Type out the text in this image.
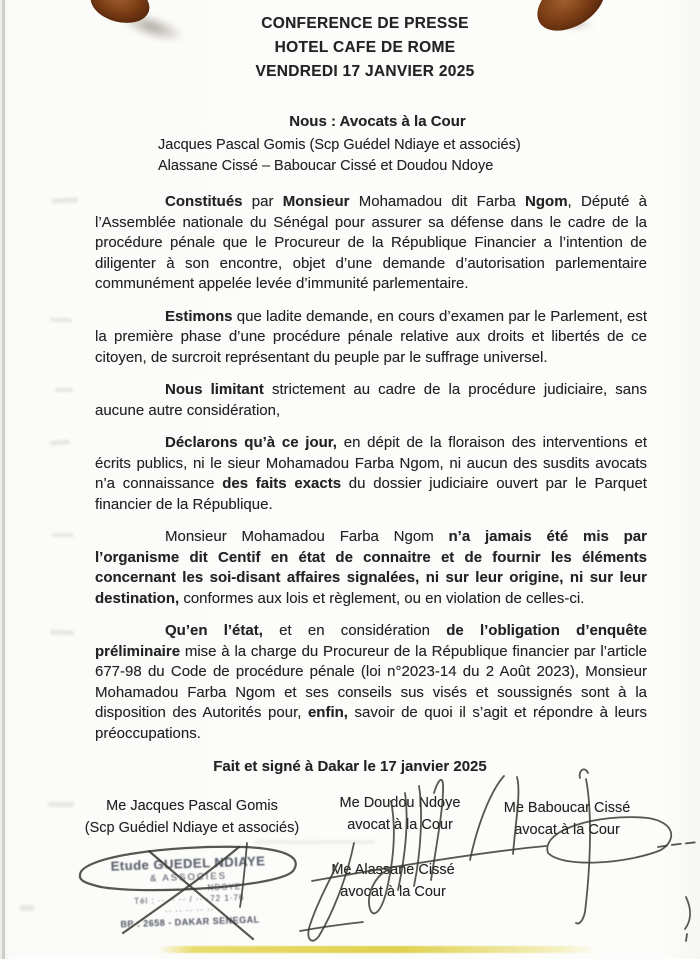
CONFERENCE DE PRESSE
HOTEL CAFE DE ROME
VENDREDI 17 JANVIER 2025
Nous : Avocats à la Cour
Jacques Pascal Gomis (Scp Guédel Ndiaye et associés)
Alassane Cissé – Baboucar Cissé et Doudou Ndoye

Constitués par Monsieur Mohamadou dit Farba Ngom, Député à l’Assemblée nationale du Sénégal pour assurer sa défense dans le cadre de la procédure pénale que le Procureur de la République Financier a l’intention de diligenter à son encontre, objet d’une demande d’autorisation parlementaire communément appelée levée d’immunité parlementaire.

Estimons que ladite demande, en cours d’examen par le Parlement, est la première phase d’une procédure pénale relative aux droits et libertés de ce citoyen, de surcroit représentant du peuple par le suffrage universel.

Nous limitant strictement au cadre de la procédure judiciaire, sans aucune autre considération,

Déclarons qu’à ce jour, en dépit de la floraison des interventions et écrits publics, ni le sieur Mohamadou Farba Ngom, ni aucun des susdits avocats n’a connaissance des faits exacts du dossier judiciaire ouvert par le Parquet financier de la République.

Monsieur Mohamadou Farba Ngom n’a jamais été mis par l’organisme dit Centif en état de connaitre et de fournir les éléments concernant les soi-disant affaires signalées, ni sur leur origine, ni sur leur destination, conformes aux lois et règlement, ou en violation de celles-ci.

Qu’en l’état, et en considération de l’obligation d’enquête préliminaire mise à la charge du Procureur de la République financier par l’article 677-98 du Code de procédure pénale (loi n°2023-14 du 2 Août 2023), Monsieur Mohamadou Farba Ngom et ses conseils sus visés et soussignés sont à la disposition des Autorités pour, enfin, savoir de quoi il s’agit et répondre à leurs préoccupations.

Fait et signé à Dakar le 17 janvier 2025
Me Jacques Pascal Gomis
(Scp Guédiel Ndiaye et associés)
Me Doudou Ndoye
avocat à la Cour
Me Baboucar Cissé
avocat à la Cour
Me Alassane Cissé
avocat à la Cour
Etude GUEDEL NDIAYE
& ASSOCIES
··· ··· ···· ·· ··· NDOYE
Tél : ·· ·· ·· / ·· ·72 1·76
·· ·· ·· ·· ··
BP : 2658 - DAKAR SENEGAL
